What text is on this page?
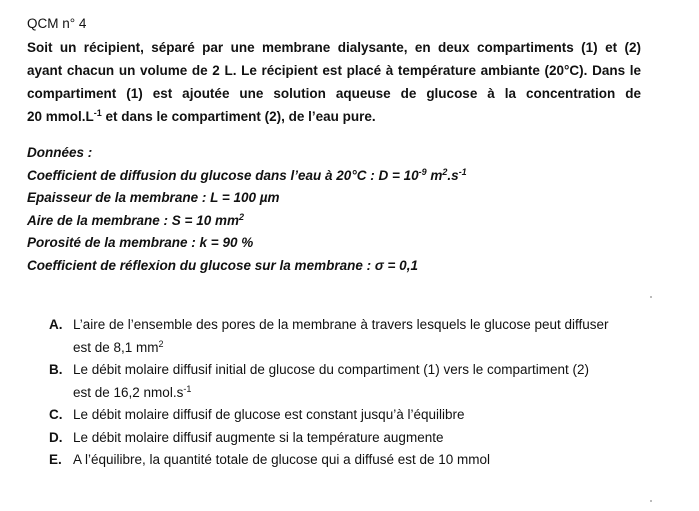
QCM n° 4
Soit un récipient, séparé par une membrane dialysante, en deux compartiments (1) et (2)
ayant chacun un volume de 2 L. Le récipient est placé à température ambiante (20°C). Dans le
compartiment (1) est ajoutée une solution aqueuse de glucose à la concentration de
20 $mmol.L^{-1}$ et dans le compartiment (2), de l’eau pure.
Données :
Coefficient de diffusion du glucose dans l’eau à 20°C : $D = 10^{-9}$ $m^2.s^{-1}$
Epaisseur de la membrane : L = 100 µm
Aire de la membrane : S = 10 $mm^2$
Porosité de la membrane : k = 90 %
Coefficient de réflexion du glucose sur la membrane : σ = 0,1
A. L’aire de l’ensemble des pores de la membrane à travers lesquels le glucose peut diffuser
est de 8,1 $mm^2$
B. Le débit molaire diffusif initial de glucose du compartiment (1) vers le compartiment (2)
est de 16,2 $nmol.s^{-1}$
C. Le débit molaire diffusif de glucose est constant jusqu’à l’équilibre
D. Le débit molaire diffusif augmente si la température augmente
E. A l’équilibre, la quantité totale de glucose qui a diffusé est de 10 mmol
